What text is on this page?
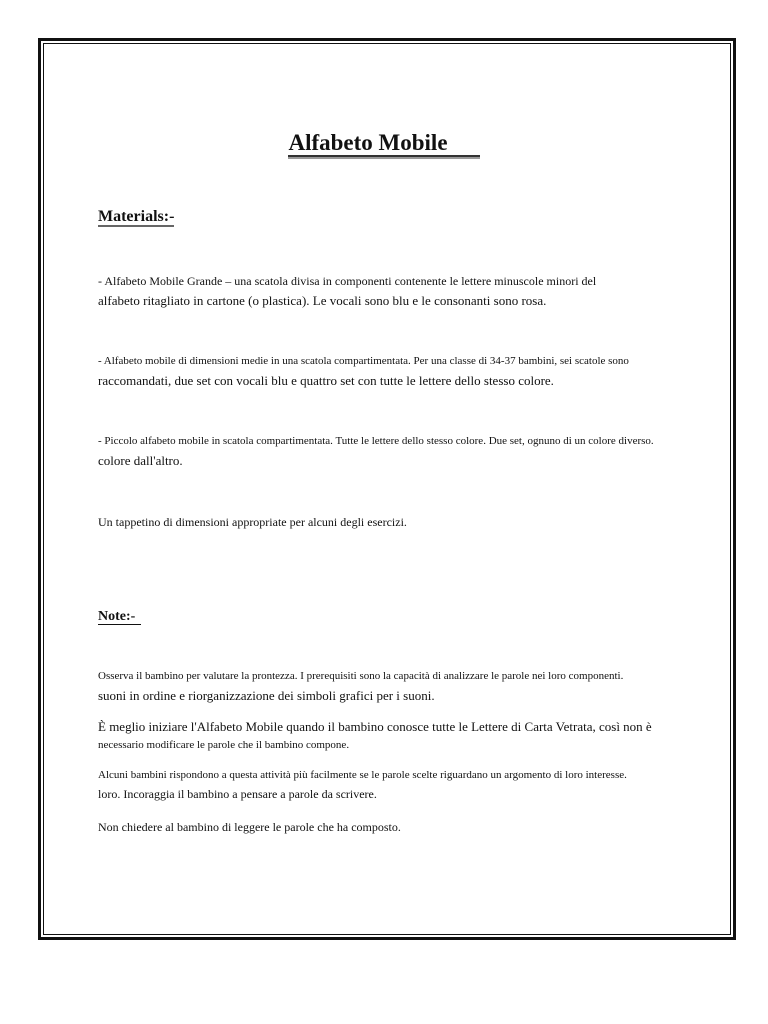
Alfabeto Mobile
Materials:-
- Alfabeto Mobile Grande – una scatola divisa in componenti contenente le lettere minuscole minori del
alfabeto ritagliato in cartone (o plastica). Le vocali sono blu e le consonanti sono rosa.
- Alfabeto mobile di dimensioni medie in una scatola compartimentata. Per una classe di 34-37 bambini, sei scatole sono
raccomandati, due set con vocali blu e quattro set con tutte le lettere dello stesso colore.
- Piccolo alfabeto mobile in scatola compartimentata. Tutte le lettere dello stesso colore. Due set, ognuno di un colore diverso.
colore dall'altro.
Un tappetino di dimensioni appropriate per alcuni degli esercizi.
Note:-
Osserva il bambino per valutare la prontezza. I prerequisiti sono la capacità di analizzare le parole nei loro componenti.
suoni in ordine e riorganizzazione dei simboli grafici per i suoni.
È meglio iniziare l'Alfabeto Mobile quando il bambino conosce tutte le Lettere di Carta Vetrata, così non è
necessario modificare le parole che il bambino compone.
Alcuni bambini rispondono a questa attività più facilmente se le parole scelte riguardano un argomento di loro interesse.
loro. Incoraggia il bambino a pensare a parole da scrivere.
Non chiedere al bambino di leggere le parole che ha composto.
